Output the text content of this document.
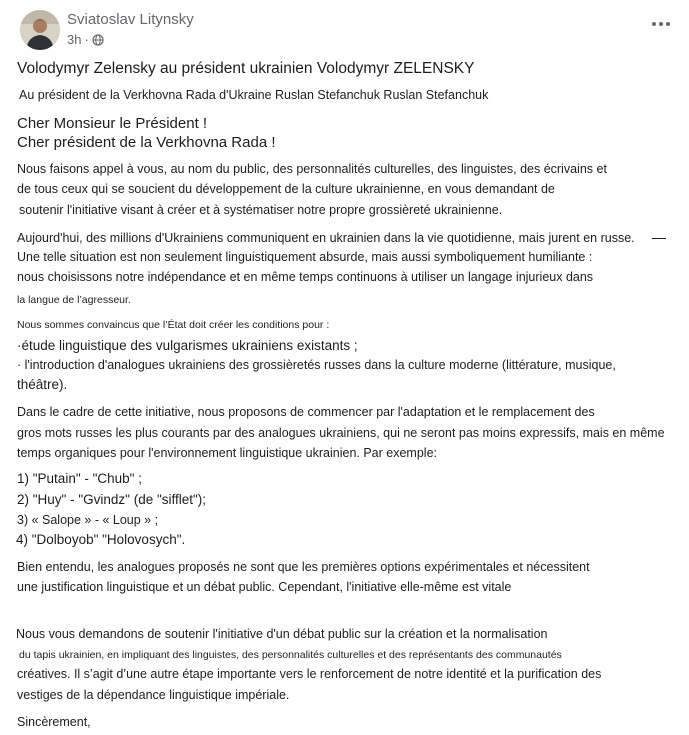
Sviatoslav Litynsky
3h ·
Volodymyr Zelensky au président ukrainien Volodymyr ZELENSKY
Au président de la Verkhovna Rada d'Ukraine Ruslan Stefanchuk Ruslan Stefanchuk
Cher Monsieur le Président !
Cher président de la Verkhovna Rada !
Nous faisons appel à vous, au nom du public, des personnalités culturelles, des linguistes, des écrivains et
de tous ceux qui se soucient du développement de la culture ukrainienne, en vous demandant de
soutenir l'initiative visant à créer et à systématiser notre propre grossièreté ukrainienne.
Aujourd'hui, des millions d'Ukrainiens communiquent en ukrainien dans la vie quotidienne, mais jurent en russe.
Une telle situation est non seulement linguistiquement absurde, mais aussi symboliquement humiliante :
nous choisissons notre indépendance et en même temps continuons à utiliser un langage injurieux dans
la langue de l’agresseur.
Nous sommes convaincus que l’État doit créer les conditions pour :
·étude linguistique des vulgarismes ukrainiens existants ;
· l'introduction d'analogues ukrainiens des grossièretés russes dans la culture moderne (littérature, musique,
théâtre).
Dans le cadre de cette initiative, nous proposons de commencer par l'adaptation et le remplacement des
gros mots russes les plus courants par des analogues ukrainiens, qui ne seront pas moins expressifs, mais en même
temps organiques pour l'environnement linguistique ukrainien. Par exemple:
1) "Putain" - "Chub" ;
2) "Huy" - "Gvindz" (de "sifflet");
3) « Salope » - « Loup » ;
4) "Dolboyob" "Holovosych".
Bien entendu, les analogues proposés ne sont que les premières options expérimentales et nécessitent
une justification linguistique et un débat public. Cependant, l'initiative elle-même est vitale
Nous vous demandons de soutenir l'initiative d'un débat public sur la création et la normalisation
du tapis ukrainien, en impliquant des linguistes, des personnalités culturelles et des représentants des communautés
créatives. Il s’agit d’une autre étape importante vers le renforcement de notre identité et la purification des
vestiges de la dépendance linguistique impériale.
Sincèrement,
